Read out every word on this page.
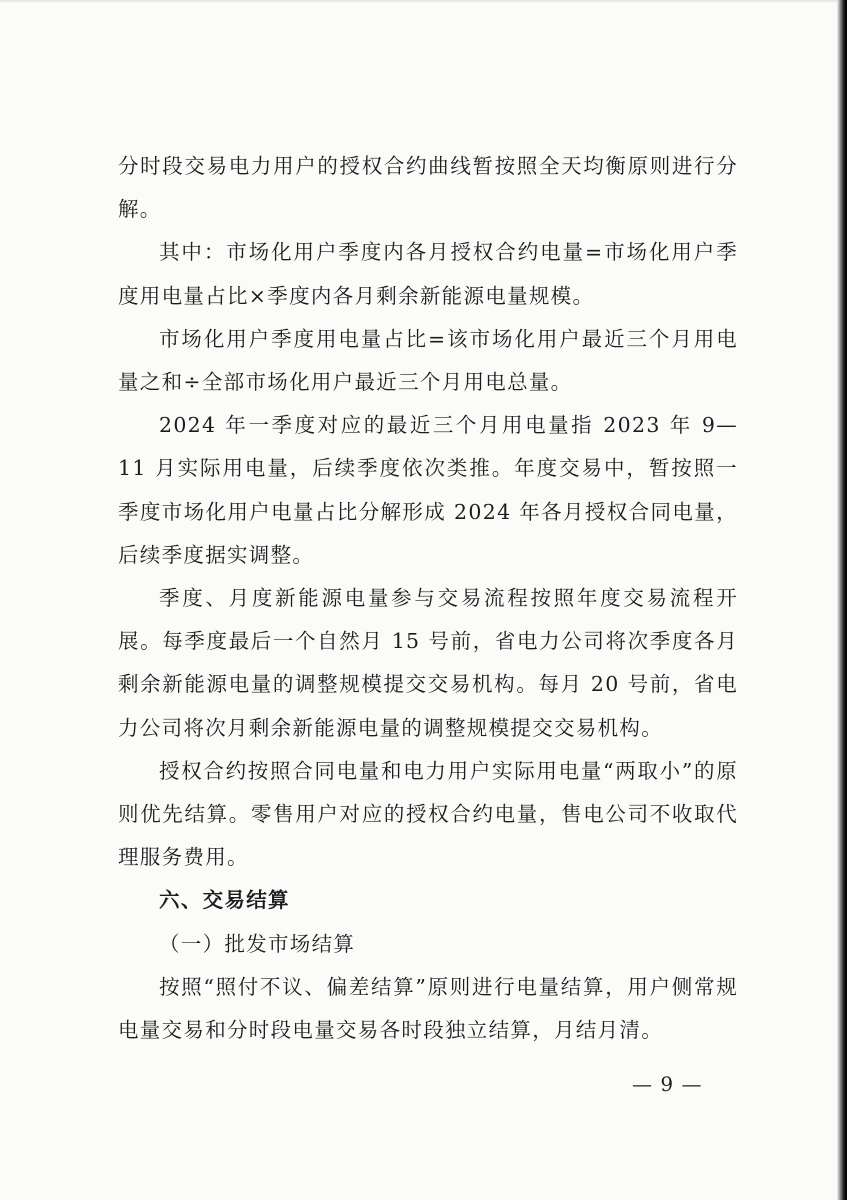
分时段交易电力用户的授权合约曲线暂按照全天均衡原则进行分解。

其中：市场化用户季度内各月授权合约电量=市场化用户季度用电量占比×季度内各月剩余新能源电量规模。

市场化用户季度用电量占比=该市场化用户最近三个月用电量之和÷全部市场化用户最近三个月用电总量。

2024 年一季度对应的最近三个月用电量指 2023 年 9—11 月实际用电量，后续季度依次类推。年度交易中，暂按照一季度市场化用户电量占比分解形成 2024 年各月授权合同电量，后续季度据实调整。

季度、月度新能源电量参与交易流程按照年度交易流程开展。每季度最后一个自然月 15 号前，省电力公司将次季度各月剩余新能源电量的调整规模提交交易机构。每月 20 号前，省电力公司将次月剩余新能源电量的调整规模提交交易机构。

授权合约按照合同电量和电力用户实际用电量“两取小”的原则优先结算。零售用户对应的授权合约电量，售电公司不收取代理服务费用。

六、交易结算

（一）批发市场结算

按照“照付不议、偏差结算”原则进行电量结算，用户侧常规电量交易和分时段电量交易各时段独立结算，月结月清。

— 9 —
